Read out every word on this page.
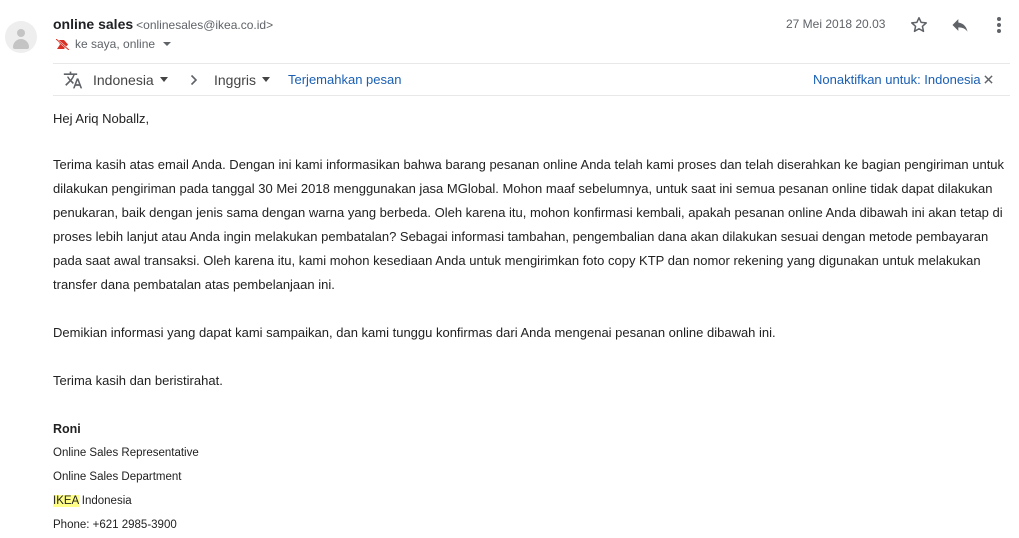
online sales <onlinesales@ikea.co.id>
ke saya, online
27 Mei 2018 20.03
Indonesia	Inggris Terjemahkan pesan	Nonaktifkan untuk: Indonesia

Hej Ariq Noballz,

Terima kasih atas email Anda. Dengan ini kami informasikan bahwa barang pesanan online Anda telah kami proses dan telah diserahkan ke bagian pengiriman untuk dilakukan pengiriman pada tanggal 30 Mei 2018 menggunakan jasa MGlobal. Mohon maaf sebelumnya, untuk saat ini semua pesanan online tidak dapat dilakukan penukaran, baik dengan jenis sama dengan warna yang berbeda. Oleh karena itu, mohon konfirmasi kembali, apakah pesanan online Anda dibawah ini akan tetap di proses lebih lanjut atau Anda ingin melakukan pembatalan? Sebagai informasi tambahan, pengembalian dana akan dilakukan sesuai dengan metode pembayaran pada saat awal transaksi. Oleh karena itu, kami mohon kesediaan Anda untuk mengirimkan foto copy KTP dan nomor rekening yang digunakan untuk melakukan transfer dana pembatalan atas pembelanjaan ini.

Demikian informasi yang dapat kami sampaikan, dan kami tunggu konfirmas dari Anda mengenai pesanan online dibawah ini.

Terima kasih dan beristirahat.

Roni
Online Sales Representative
Online Sales Department
IKEA Indonesia
Phone: +621 2985-3900
